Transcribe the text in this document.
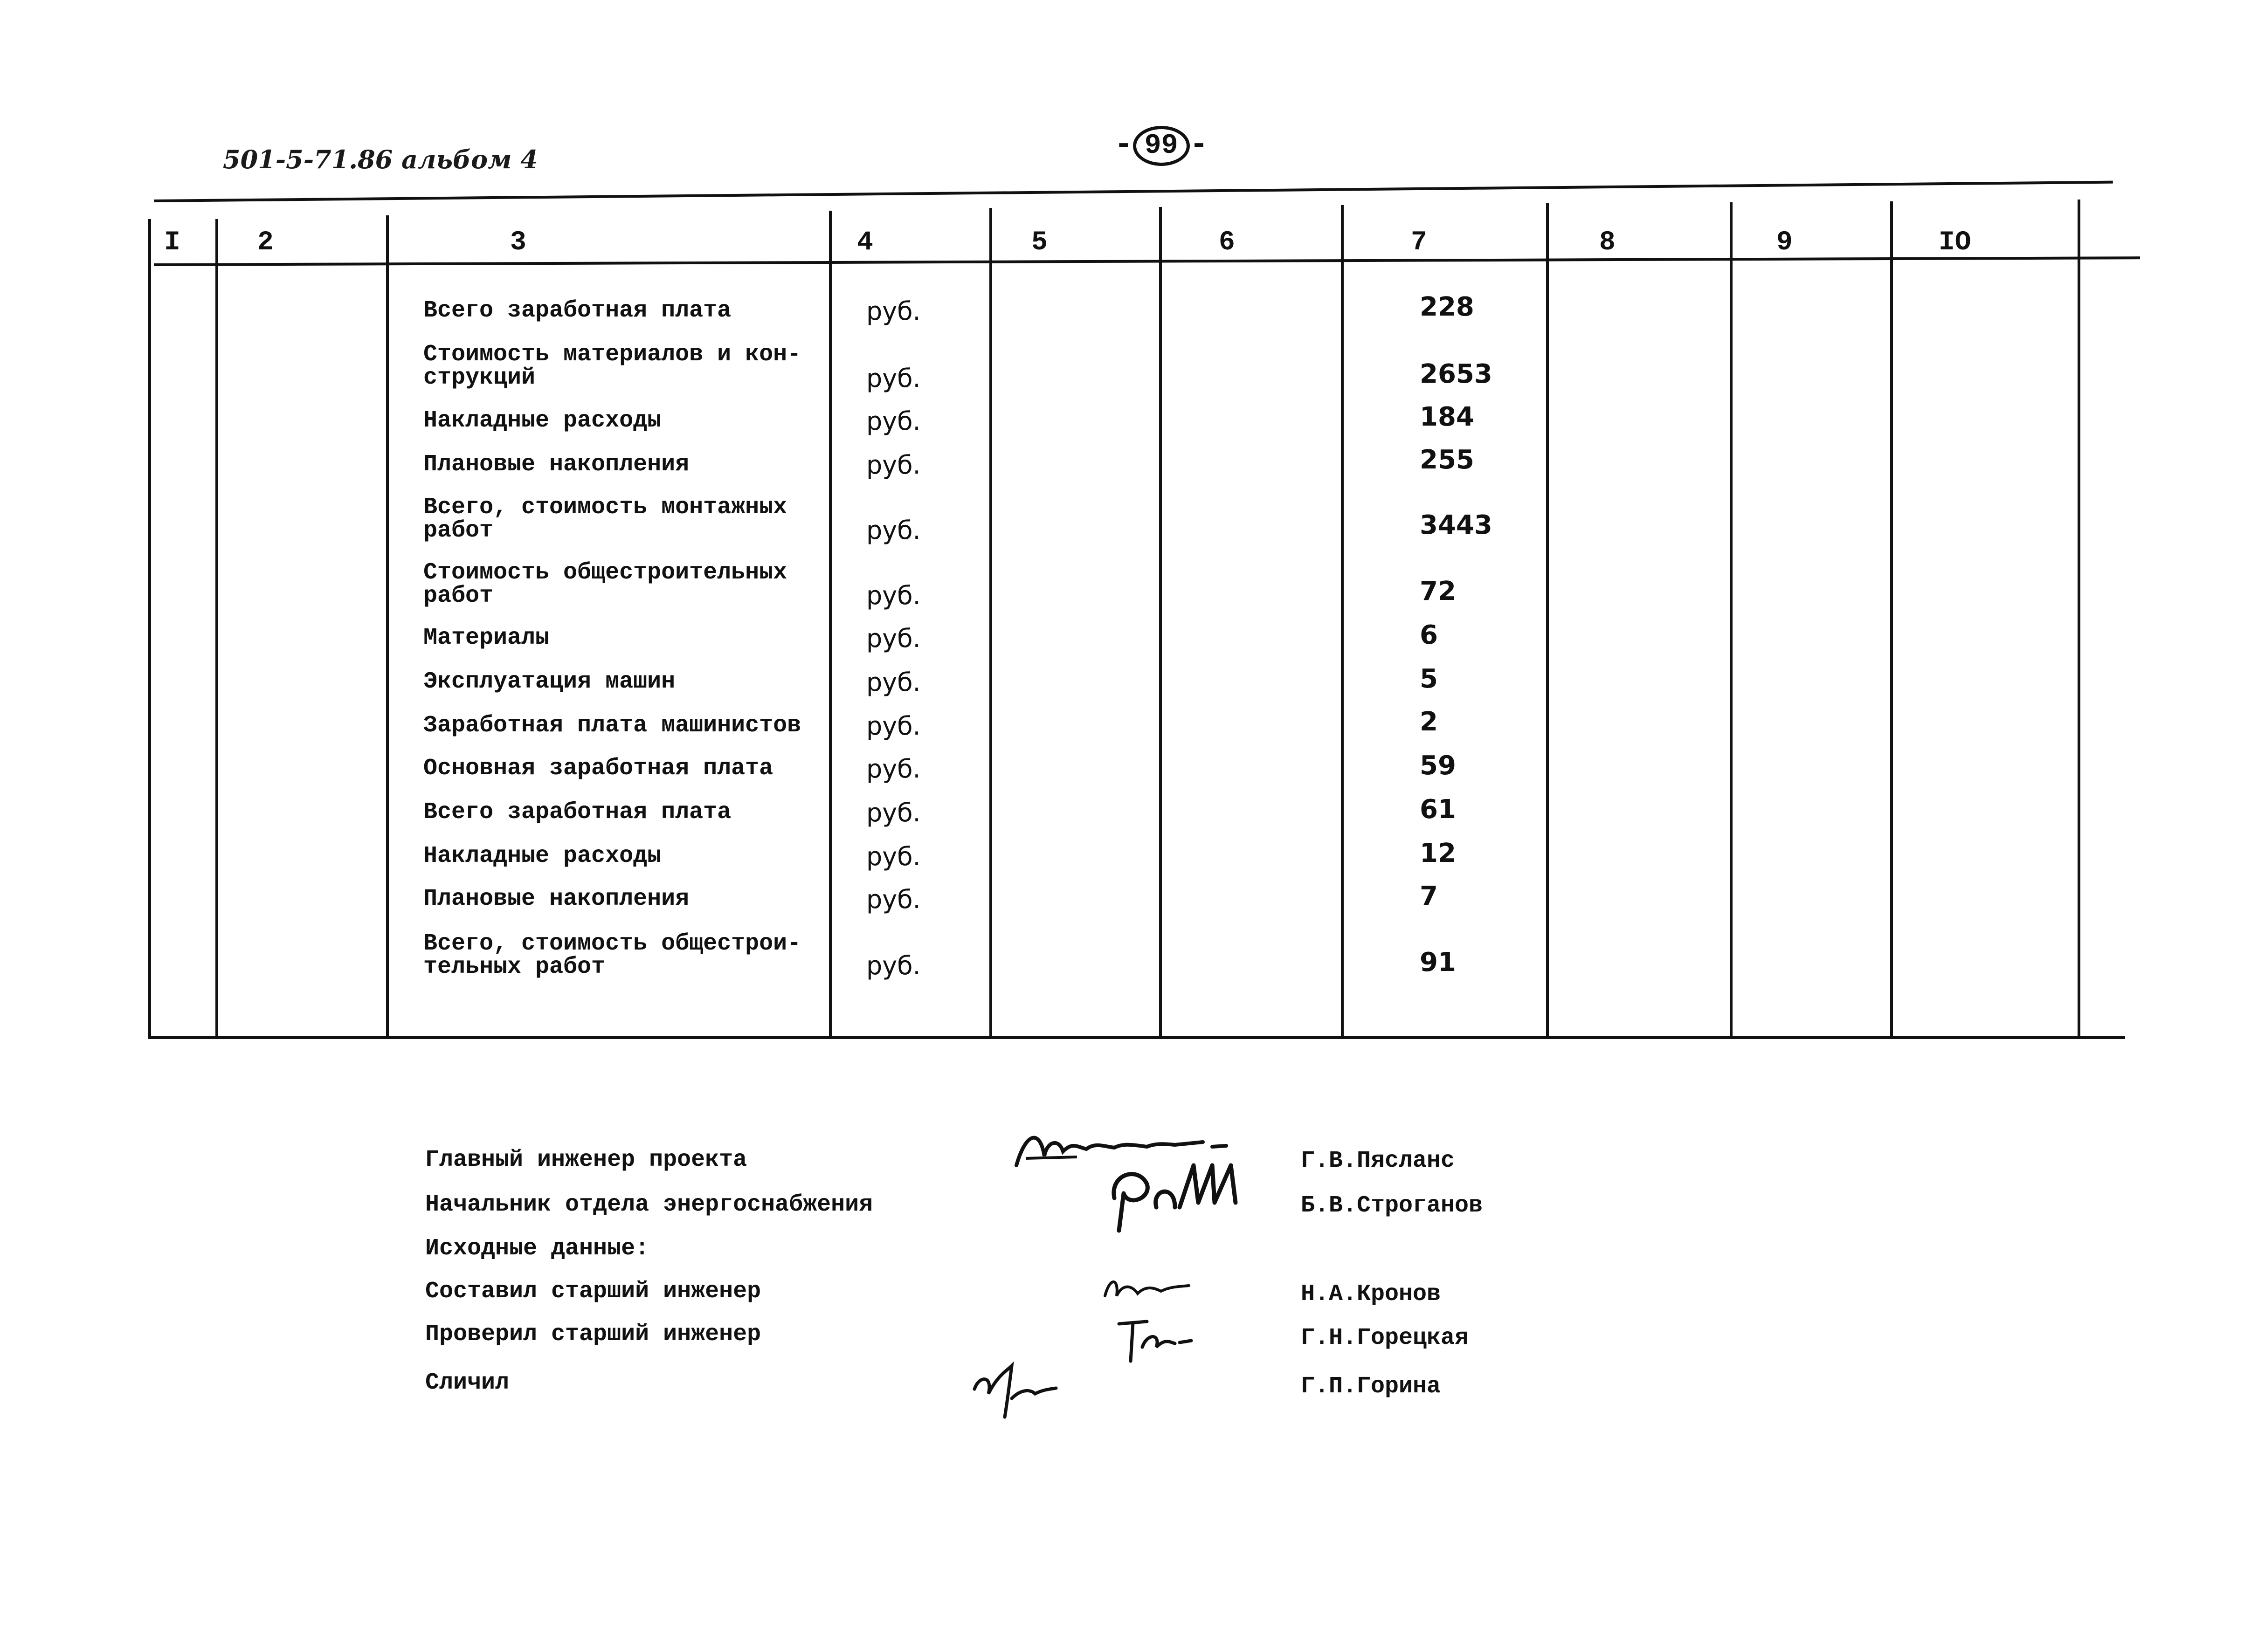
501-5-71.86 альбом 4	- 99 -
I	2	3	4	5	6	7	8	9	IO
Всего заработная плата	руб.	228
Стоимость материалов и кон-
струкций	руб.	2653
Накладные расходы	руб.	184
Плановые накопления	руб.	255
Всего, стоимость монтажных
работ	руб.	3443
Стоимость общестроительных
работ	руб.	72
Материалы	руб.	6
Эксплуатация машин	руб.	5
Заработная плата машинистов	руб.	2
Основная заработная плата	руб.	59
Всего заработная плата	руб.	61
Накладные расходы	руб.	12
Плановые накопления	руб.	7
Всего, стоимость общестрои-
тельных работ	руб.	91
Главный инженер проекта	Г.В.Пясланс
Начальник отдела энергоснабжения	Б.В.Строганов
Исходные данные:
Составил старший инженер	Н.А.Кронов
Проверил старший инженер	Г.Н.Горецкая
Сличил	Г.П.Горина
